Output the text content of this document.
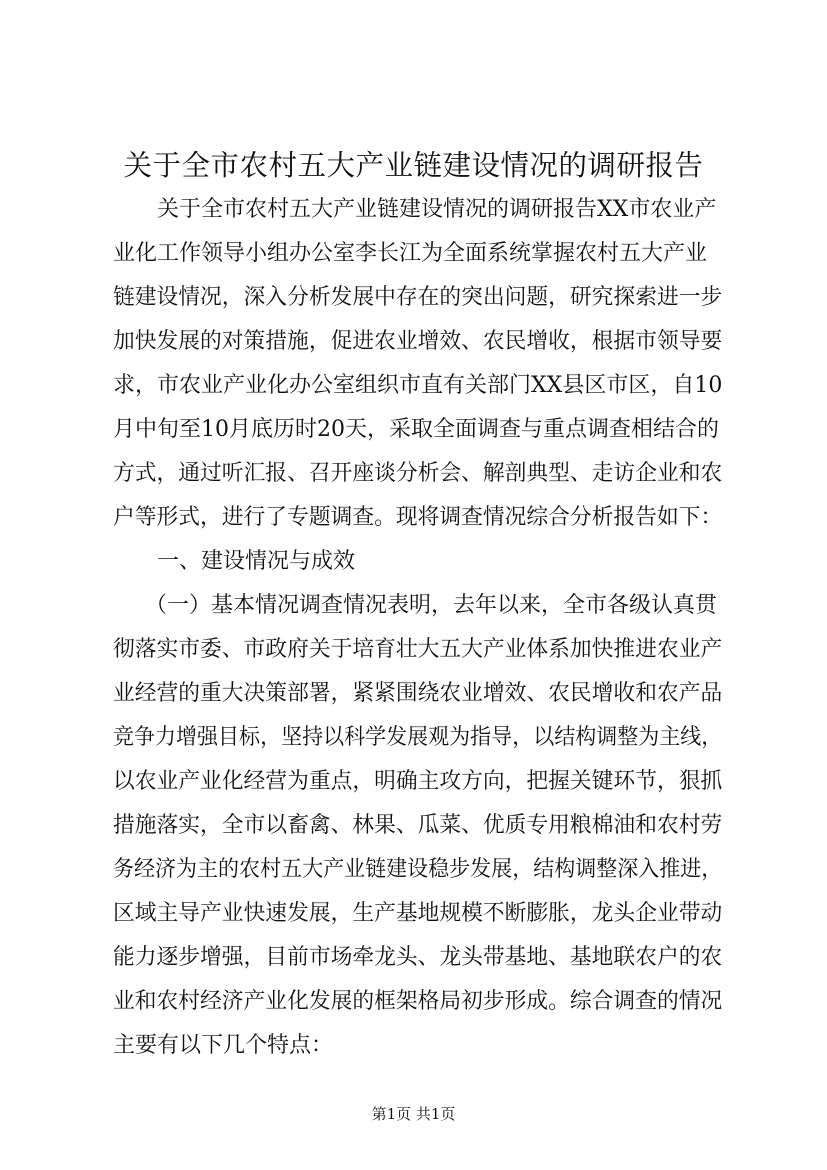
关于全市农村五大产业链建设情况的调研报告

关于全市农村五大产业链建设情况的调研报告XX市农业产

业化工作领导小组办公室李长江为全面系统掌握农村五大产业

链建设情况，深入分析发展中存在的突出问题，研究探索进一步

加快发展的对策措施，促进农业增效、农民增收，根据市领导要

求，市农业产业化办公室组织市直有关部门XX县区市区，自10

月中旬至10月底历时20天，采取全面调查与重点调查相结合的

方式，通过听汇报、召开座谈分析会、解剖典型、走访企业和农

户等形式，进行了专题调查。现将调查情况综合分析报告如下：

一、建设情况与成效

（一）基本情况调查情况表明，去年以来，全市各级认真贯

彻落实市委、市政府关于培育壮大五大产业体系加快推进农业产

业经营的重大决策部署，紧紧围绕农业增效、农民增收和农产品

竞争力增强目标，坚持以科学发展观为指导，以结构调整为主线，

以农业产业化经营为重点，明确主攻方向，把握关键环节，狠抓

措施落实，全市以畜禽、林果、瓜菜、优质专用粮棉油和农村劳

务经济为主的农村五大产业链建设稳步发展，结构调整深入推进，

区域主导产业快速发展，生产基地规模不断膨胀，龙头企业带动

能力逐步增强，目前市场牵龙头、龙头带基地、基地联农户的农

业和农村经济产业化发展的框架格局初步形成。综合调查的情况

主要有以下几个特点：

第1页 共1页
